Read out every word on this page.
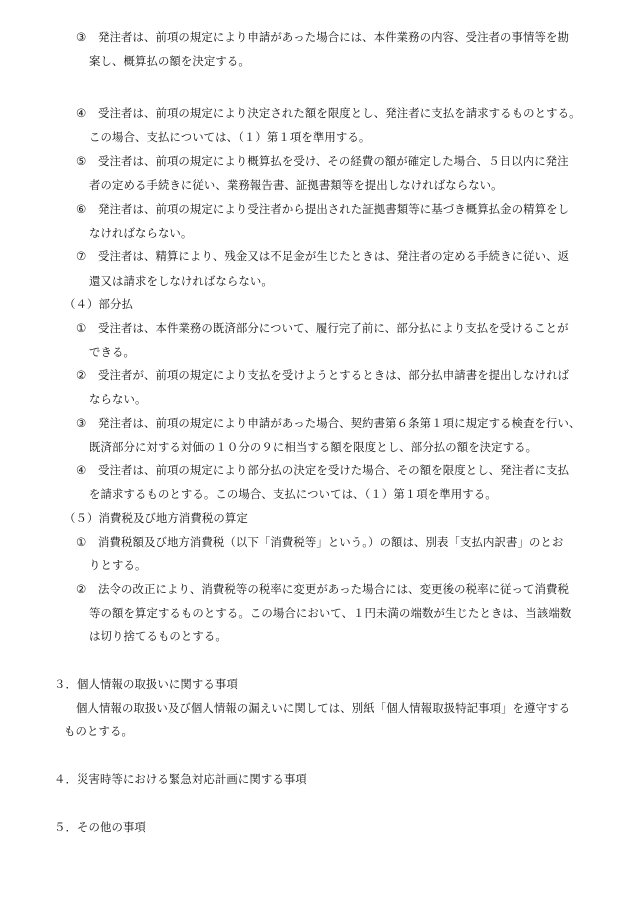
③ 発注者は、前項の規定により申請があった場合には、本件業務の内容、受注者の事情等を勘
案し、概算払の額を決定する。
④ 受注者は、前項の規定により決定された額を限度とし、発注者に支払を請求するものとする。
この場合、支払については、（１）第１項を準用する。
⑤ 受注者は、前項の規定により概算払を受け、その経費の額が確定した場合、５日以内に発注
者の定める手続きに従い、業務報告書、証拠書類等を提出しなければならない。
⑥ 発注者は、前項の規定により受注者から提出された証拠書類等に基づき概算払金の精算をし
なければならない。
⑦ 受注者は、精算により、残金又は不足金が生じたときは、発注者の定める手続きに従い、返
還又は請求をしなければならない。
（４）部分払
① 受注者は、本件業務の既済部分について、履行完了前に、部分払により支払を受けることが
できる。
② 受注者が、前項の規定により支払を受けようとするときは、部分払申請書を提出しなければ
ならない。
③ 発注者は、前項の規定により申請があった場合、契約書第６条第１項に規定する検査を行い、
既済部分に対する対価の１０分の９に相当する額を限度とし、部分払の額を決定する。
④ 受注者は、前項の規定により部分払の決定を受けた場合、その額を限度とし、発注者に支払
を請求するものとする。この場合、支払については、（１）第１項を準用する。
（５）消費税及び地方消費税の算定
① 消費税額及び地方消費税（以下「消費税等」という。）の額は、別表「支払内訳書」のとお
りとする。
② 法令の改正により、消費税等の税率に変更があった場合には、変更後の税率に従って消費税
等の額を算定するものとする。この場合において、１円未満の端数が生じたときは、当該端数
は切り捨てるものとする。
３．個人情報の取扱いに関する事項
個人情報の取扱い及び個人情報の漏えいに関しては、別紙「個人情報取扱特記事項」を遵守する
ものとする。
４．災害時等における緊急対応計画に関する事項
５．その他の事項
